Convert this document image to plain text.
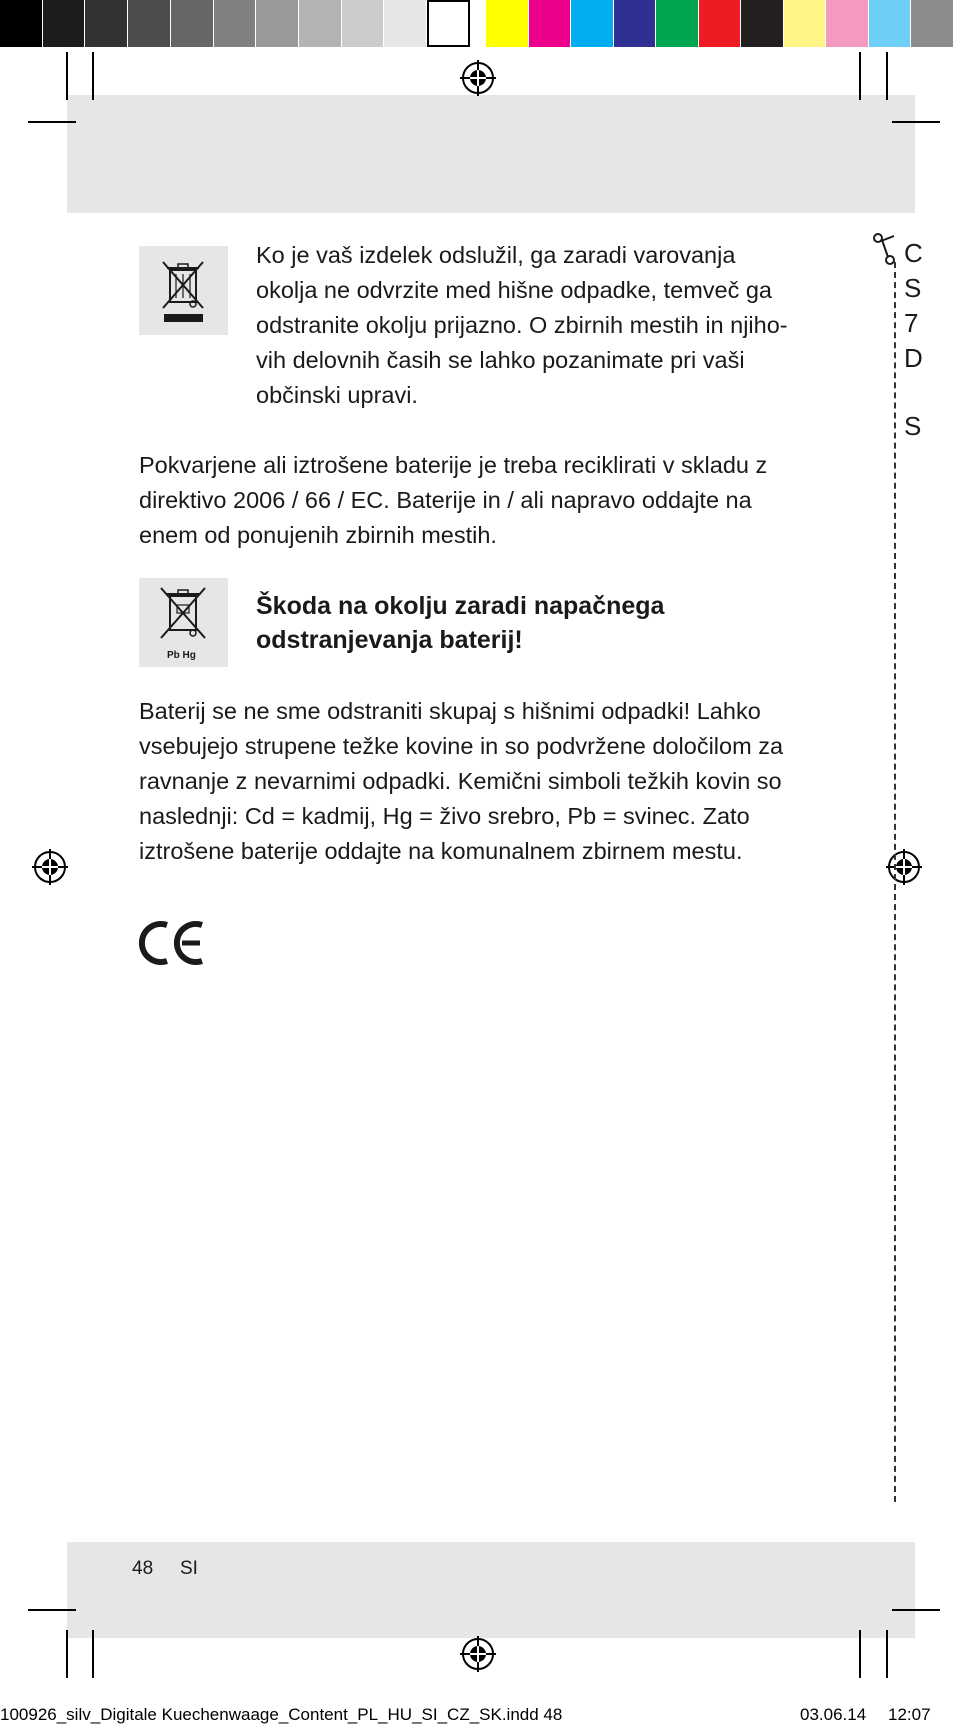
Ko je vaš izdelek odslužil, ga zaradi varovanja

okolja ne odvrzite med hišne odpadke, temveč ga

odstranite okolju prijazno. O zbirnih mestih in njiho-

vih delovnih časih se lahko pozanimate pri vaši

občinski upravi.

Pokvarjene ali iztrošene baterije je treba reciklirati v skladu z

direktivo 2006 / 66 / EC. Baterije in / ali napravo oddajte na

enem od ponujenih zbirnih mestih.

Pb Hg
Škoda na okolju zaradi napačnega
odstranjevanja baterij!

Baterij se ne sme odstraniti skupaj s hišnimi odpadki! Lahko

vsebujejo strupene težke kovine in so podvržene določilom za

ravnanje z nevarnimi odpadki. Kemični simboli težkih kovin so

naslednji: Cd = kadmij, Hg = živo srebro, Pb = svinec. Zato

iztrošene baterije oddajte na komunalnem zbirnem mestu.

C
S
7
D
S
48 SI
100926_silv_Digitale Kuechenwaage_Content_PL_HU_SI_CZ_SK.indd 48	03.06.14 12:07
